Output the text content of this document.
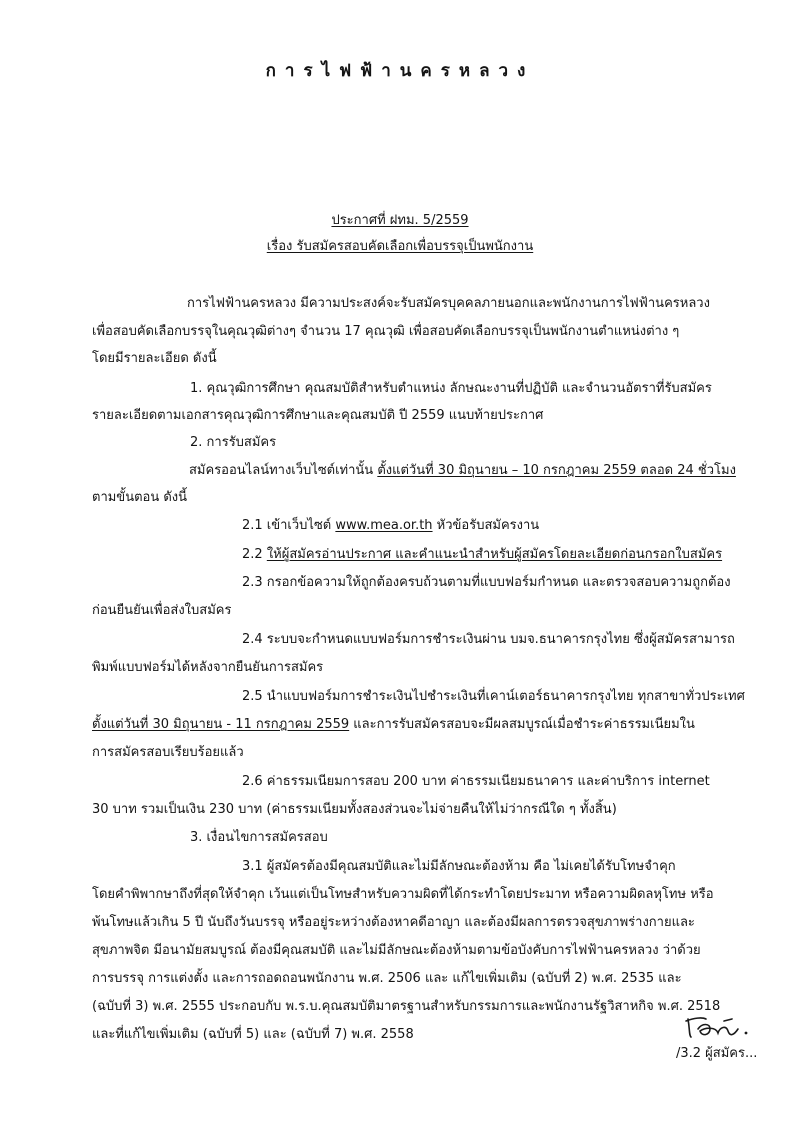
การไฟฟ้านครหลวง
ประกาศที่ ฝทม. 5/2559
เรื่อง รับสมัครสอบคัดเลือกเพื่อบรรจุเป็นพนักงาน
การไฟฟ้านครหลวง มีความประสงค์จะรับสมัครบุคคลภายนอกและพนักงานการไฟฟ้านครหลวง
เพื่อสอบคัดเลือกบรรจุในคุณวุฒิต่างๆ จำนวน 17 คุณวุฒิ เพื่อสอบคัดเลือกบรรจุเป็นพนักงานตำแหน่งต่าง ๆ
โดยมีรายละเอียด ดังนี้
1. คุณวุฒิการศึกษา คุณสมบัติสำหรับตำแหน่ง ลักษณะงานที่ปฏิบัติ และจำนวนอัตราที่รับสมัคร
รายละเอียดตามเอกสารคุณวุฒิการศึกษาและคุณสมบัติ ปี 2559 แนบท้ายประกาศ
2. การรับสมัคร
สมัครออนไลน์ทางเว็บไซต์เท่านั้น ตั้งแต่วันที่ 30 มิถุนายน – 10 กรกฎาคม 2559 ตลอด 24 ชั่วโมง
ตามขั้นตอน ดังนี้
2.1 เข้าเว็บไซต์ www.mea.or.th หัวข้อรับสมัครงาน
2.2 ให้ผู้สมัครอ่านประกาศ และคำแนะนำสำหรับผู้สมัครโดยละเอียดก่อนกรอกใบสมัคร
2.3 กรอกข้อความให้ถูกต้องครบถ้วนตามที่แบบฟอร์มกำหนด และตรวจสอบความถูกต้อง
ก่อนยืนยันเพื่อส่งใบสมัคร
2.4 ระบบจะกำหนดแบบฟอร์มการชำระเงินผ่าน บมจ.ธนาคารกรุงไทย ซึ่งผู้สมัครสามารถ
พิมพ์แบบฟอร์มได้หลังจากยืนยันการสมัคร
2.5 นำแบบฟอร์มการชำระเงินไปชำระเงินที่เคาน์เตอร์ธนาคารกรุงไทย ทุกสาขาทั่วประเทศ
ตั้งแต่วันที่ 30 มิถุนายน - 11 กรกฎาคม 2559 และการรับสมัครสอบจะมีผลสมบูรณ์เมื่อชำระค่าธรรมเนียมใน
การสมัครสอบเรียบร้อยแล้ว
2.6 ค่าธรรมเนียมการสอบ 200 บาท ค่าธรรมเนียมธนาคาร และค่าบริการ internet
30 บาท รวมเป็นเงิน 230 บาท (ค่าธรรมเนียมทั้งสองส่วนจะไม่จ่ายคืนให้ไม่ว่ากรณีใด ๆ ทั้งสิ้น)
3. เงื่อนไขการสมัครสอบ
3.1 ผู้สมัครต้องมีคุณสมบัติและไม่มีลักษณะต้องห้าม คือ ไม่เคยได้รับโทษจำคุก
โดยคำพิพากษาถึงที่สุดให้จำคุก เว้นแต่เป็นโทษสำหรับความผิดที่ได้กระทำโดยประมาท หรือความผิดลหุโทษ หรือ
พ้นโทษแล้วเกิน 5 ปี นับถึงวันบรรจุ หรืออยู่ระหว่างต้องหาคดีอาญา และต้องมีผลการตรวจสุขภาพร่างกายและ
สุขภาพจิต มีอนามัยสมบูรณ์ ต้องมีคุณสมบัติ และไม่มีลักษณะต้องห้ามตามข้อบังคับการไฟฟ้านครหลวง ว่าด้วย
การบรรจุ การแต่งตั้ง และการถอดถอนพนักงาน พ.ศ. 2506 และ แก้ไขเพิ่มเติม (ฉบับที่ 2) พ.ศ. 2535 และ
(ฉบับที่ 3) พ.ศ. 2555 ประกอบกับ พ.ร.บ.คุณสมบัติมาตรฐานสำหรับกรรมการและพนักงานรัฐวิสาหกิจ พ.ศ. 2518
และที่แก้ไขเพิ่มเติม (ฉบับที่ 5) และ (ฉบับที่ 7) พ.ศ. 2558
/3.2 ผู้สมัคร...
